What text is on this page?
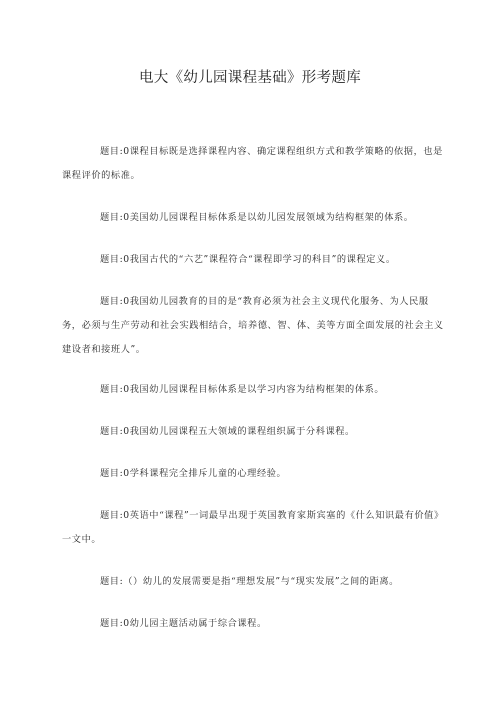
电大《幼儿园课程基础》形考题库

题目:0课程目标既是选择课程内容、确定课程组织方式和教学策略的依据，也是课程评价的标准。

题目:0美国幼儿园课程目标体系是以幼儿园发展领域为结构框架的体系。

题目:0我国古代的“六艺”课程符合“课程即学习的科目”的课程定义。

题目:0我国幼儿园教育的目的是“教育必须为社会主义现代化服务、为人民服务，必须与生产劳动和社会实践相结合，培养德、智、体、美等方面全面发展的社会主义建设者和接班人”。

题目:0我国幼儿园课程目标体系是以学习内容为结构框架的体系。

题目:0我国幼儿园课程五大领域的课程组织属于分科课程。

题目:0学科课程完全排斥儿童的心理经验。

题目:0英语中“课程”一词最早出现于英国教育家斯宾塞的《什么知识最有价值》一文中。

题目:（）幼儿的发展需要是指“理想发展”与“现实发展”之间的距离。

题目:0幼儿园主题活动属于综合课程。
